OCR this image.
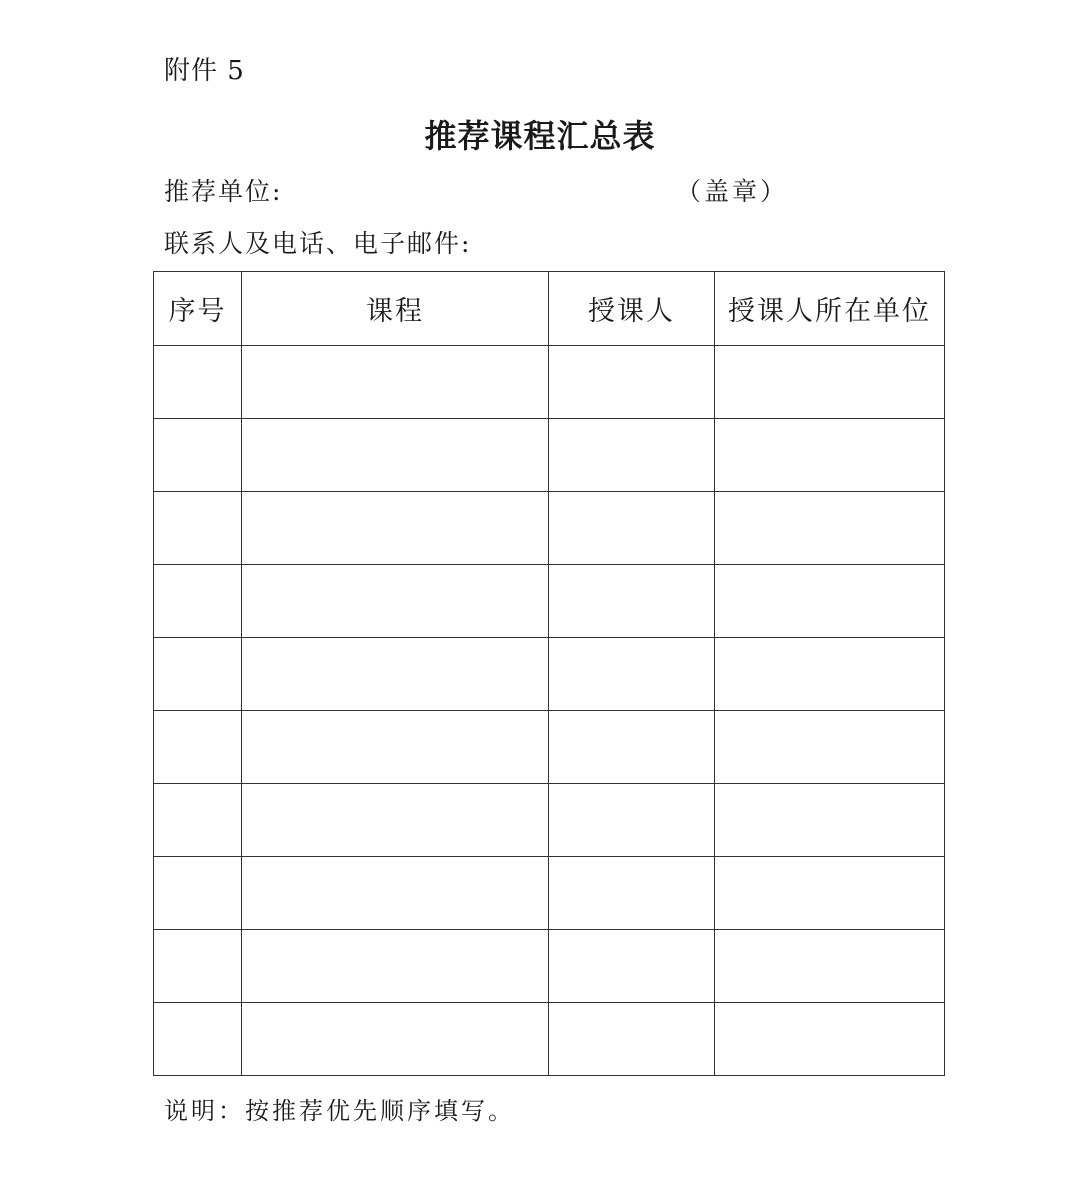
附件 5
推荐课程汇总表
推荐单位:	（盖章）
联系人及电话、电子邮件:
序号	课程	授课人	授课人所在单位

说明：按推荐优先顺序填写。
